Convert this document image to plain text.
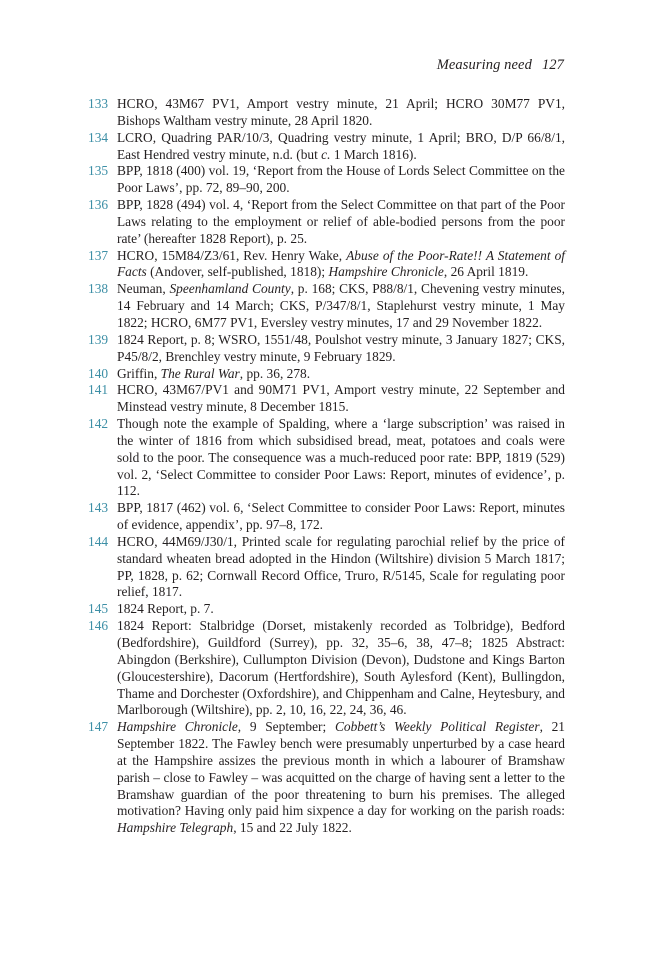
Measuring need 127
133 HCRO, 43M67 PV1, Amport vestry minute, 21 April; HCRO 30M77 PV1, Bishops Waltham vestry minute, 28 April 1820.
134 LCRO, Quadring PAR/10/3, Quadring vestry minute, 1 April; BRO, D/P 66/8/1, East Hendred vestry minute, n.d. (but c. 1 March 1816).
135 BPP, 1818 (400) vol. 19, ‘Report from the House of Lords Select Committee on the Poor Laws’, pp. 72, 89–90, 200.
136 BPP, 1828 (494) vol. 4, ‘Report from the Select Committee on that part of the Poor Laws relating to the employment or relief of able-bodied persons from the poor rate’ (hereafter 1828 Report), p. 25.
137 HCRO, 15M84/Z3/61, Rev. Henry Wake, Abuse of the Poor-Rate!! A Statement of Facts (Andover, self-published, 1818); Hampshire Chronicle, 26 April 1819.
138 Neuman, Speenhamland County, p. 168; CKS, P88/8/1, Chevening vestry minutes, 14 February and 14 March; CKS, P/347/8/1, Staplehurst vestry minute, 1 May 1822; HCRO, 6M77 PV1, Eversley vestry minutes, 17 and 29 November 1822.
139 1824 Report, p. 8; WSRO, 1551/48, Poulshot vestry minute, 3 January 1827; CKS, P45/8/2, Brenchley vestry minute, 9 February 1829.
140 Griffin, The Rural War, pp. 36, 278.
141 HCRO, 43M67/PV1 and 90M71 PV1, Amport vestry minute, 22 September and Minstead vestry minute, 8 December 1815.
142 Though note the example of Spalding, where a ‘large subscription’ was raised in the winter of 1816 from which subsidised bread, meat, potatoes and coals were sold to the poor. The consequence was a much-reduced poor rate: BPP, 1819 (529) vol. 2, ‘Select Committee to consider Poor Laws: Report, minutes of evidence’, p. 112.
143 BPP, 1817 (462) vol. 6, ‘Select Committee to consider Poor Laws: Report, minutes of evidence, appendix’, pp. 97–8, 172.
144 HCRO, 44M69/J30/1, Printed scale for regulating parochial relief by the price of standard wheaten bread adopted in the Hindon (Wiltshire) division 5 March 1817; PP, 1828, p. 62; Cornwall Record Office, Truro, R/5145, Scale for regulating poor relief, 1817.
145 1824 Report, p. 7.
146 1824 Report: Stalbridge (Dorset, mistakenly recorded as Tolbridge), Bedford (Bedfordshire), Guildford (Surrey), pp. 32, 35–6, 38, 47–8; 1825 Abstract: Abingdon (Berkshire), Cullumpton Division (Devon), Dudstone and Kings Barton (Gloucestershire), Dacorum (Hertfordshire), South Aylesford (Kent), Bullingdon, Thame and Dorchester (Oxfordshire), and Chippenham and Calne, Heytesbury, and Marlborough (Wiltshire), pp. 2, 10, 16, 22, 24, 36, 46.
147 Hampshire Chronicle, 9 September; Cobbett’s Weekly Political Register, 21 September 1822. The Fawley bench were presumably unperturbed by a case heard at the Hampshire assizes the previous month in which a labourer of Bramshaw parish – close to Fawley – was acquitted on the charge of having sent a letter to the Bramshaw guardian of the poor threatening to burn his premises. The alleged motivation? Having only paid him sixpence a day for working on the parish roads: Hampshire Telegraph, 15 and 22 July 1822.
